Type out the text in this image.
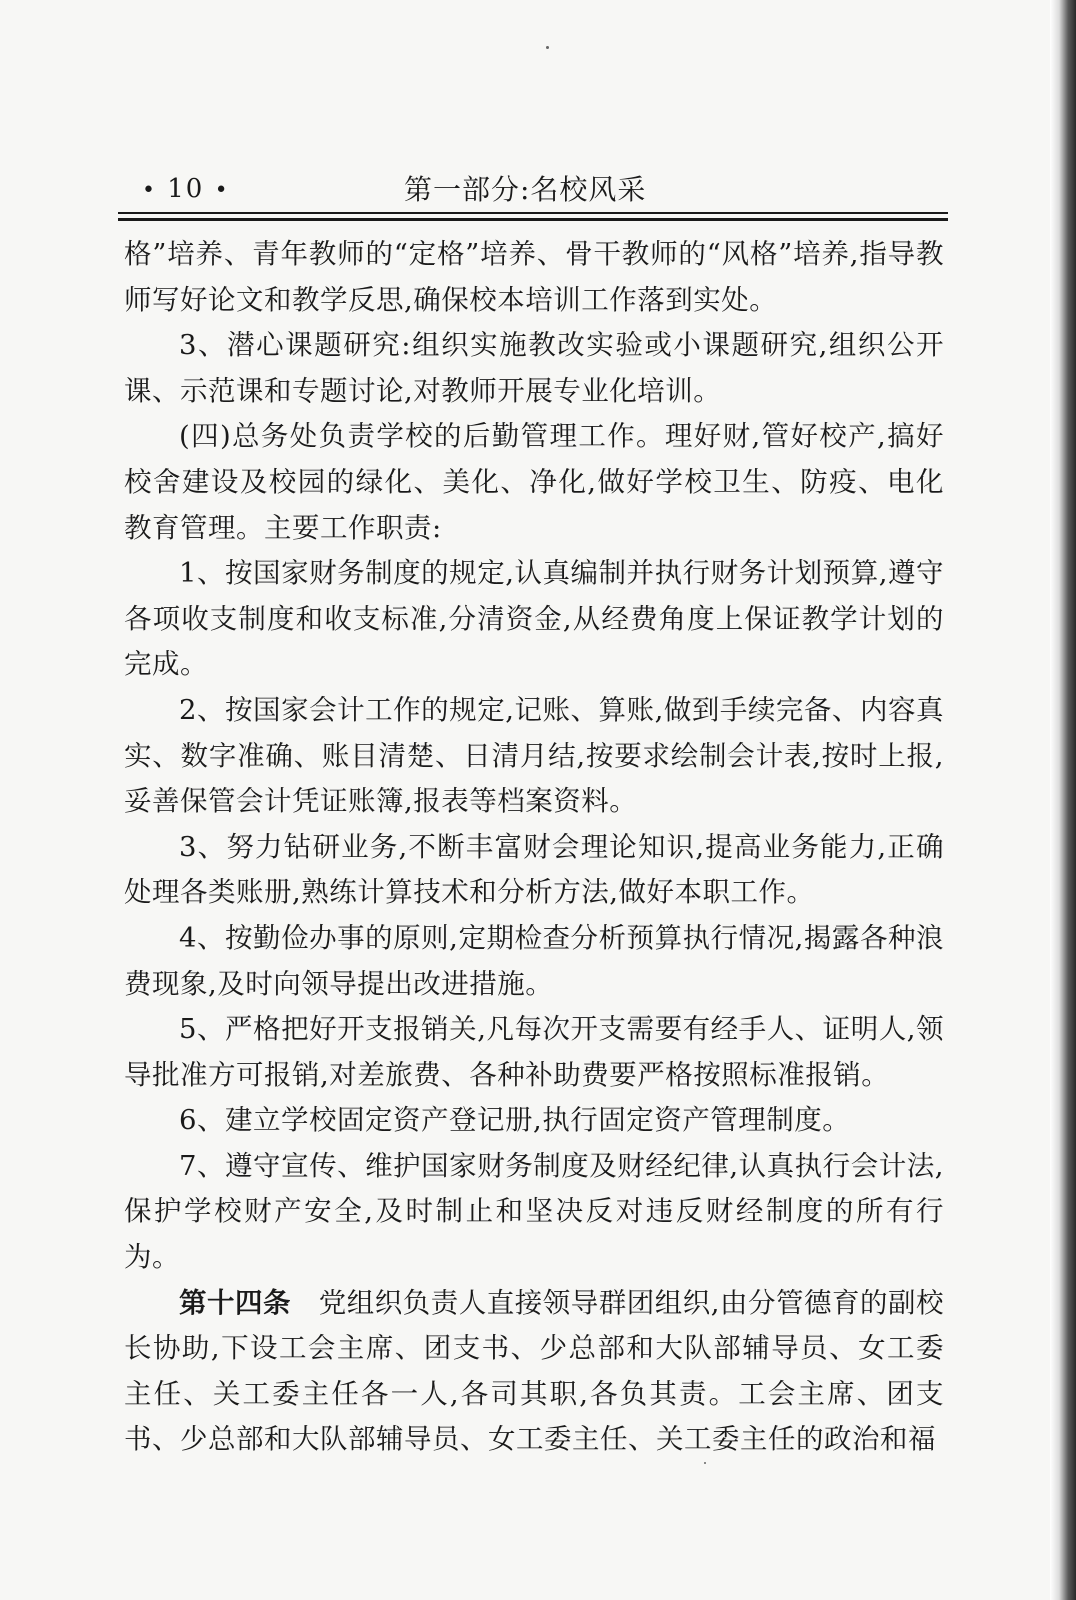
• 10 •	第一部分:名校风采

格”培养、青年教师的“定格”培养、骨干教师的“风格”培养,指导教师写好论文和教学反思,确保校本培训工作落到实处。

3、潜心课题研究:组织实施教改实验或小课题研究,组织公开课、示范课和专题讨论,对教师开展专业化培训。

(四)总务处负责学校的后勤管理工作。理好财,管好校产,搞好校舍建设及校园的绿化、美化、净化,做好学校卫生、防疫、电化教育管理。主要工作职责:

1、按国家财务制度的规定,认真编制并执行财务计划预算,遵守各项收支制度和收支标准,分清资金,从经费角度上保证教学计划的完成。

2、按国家会计工作的规定,记账、算账,做到手续完备、内容真实、数字准确、账目清楚、日清月结,按要求绘制会计表,按时上报,妥善保管会计凭证账簿,报表等档案资料。

3、努力钻研业务,不断丰富财会理论知识,提高业务能力,正确处理各类账册,熟练计算技术和分析方法,做好本职工作。

4、按勤俭办事的原则,定期检查分析预算执行情况,揭露各种浪费现象,及时向领导提出改进措施。

5、严格把好开支报销关,凡每次开支需要有经手人、证明人,领导批准方可报销,对差旅费、各种补助费要严格按照标准报销。

6、建立学校固定资产登记册,执行固定资产管理制度。

7、遵守宣传、维护国家财务制度及财经纪律,认真执行会计法,保护学校财产安全,及时制止和坚决反对违反财经制度的所有行为。

第十四条 党组织负责人直接领导群团组织,由分管德育的副校长协助,下设工会主席、团支书、少总部和大队部辅导员、女工委主任、关工委主任各一人,各司其职,各负其责。工会主席、团支书、少总部和大队部辅导员、女工委主任、关工委主任的政治和福
